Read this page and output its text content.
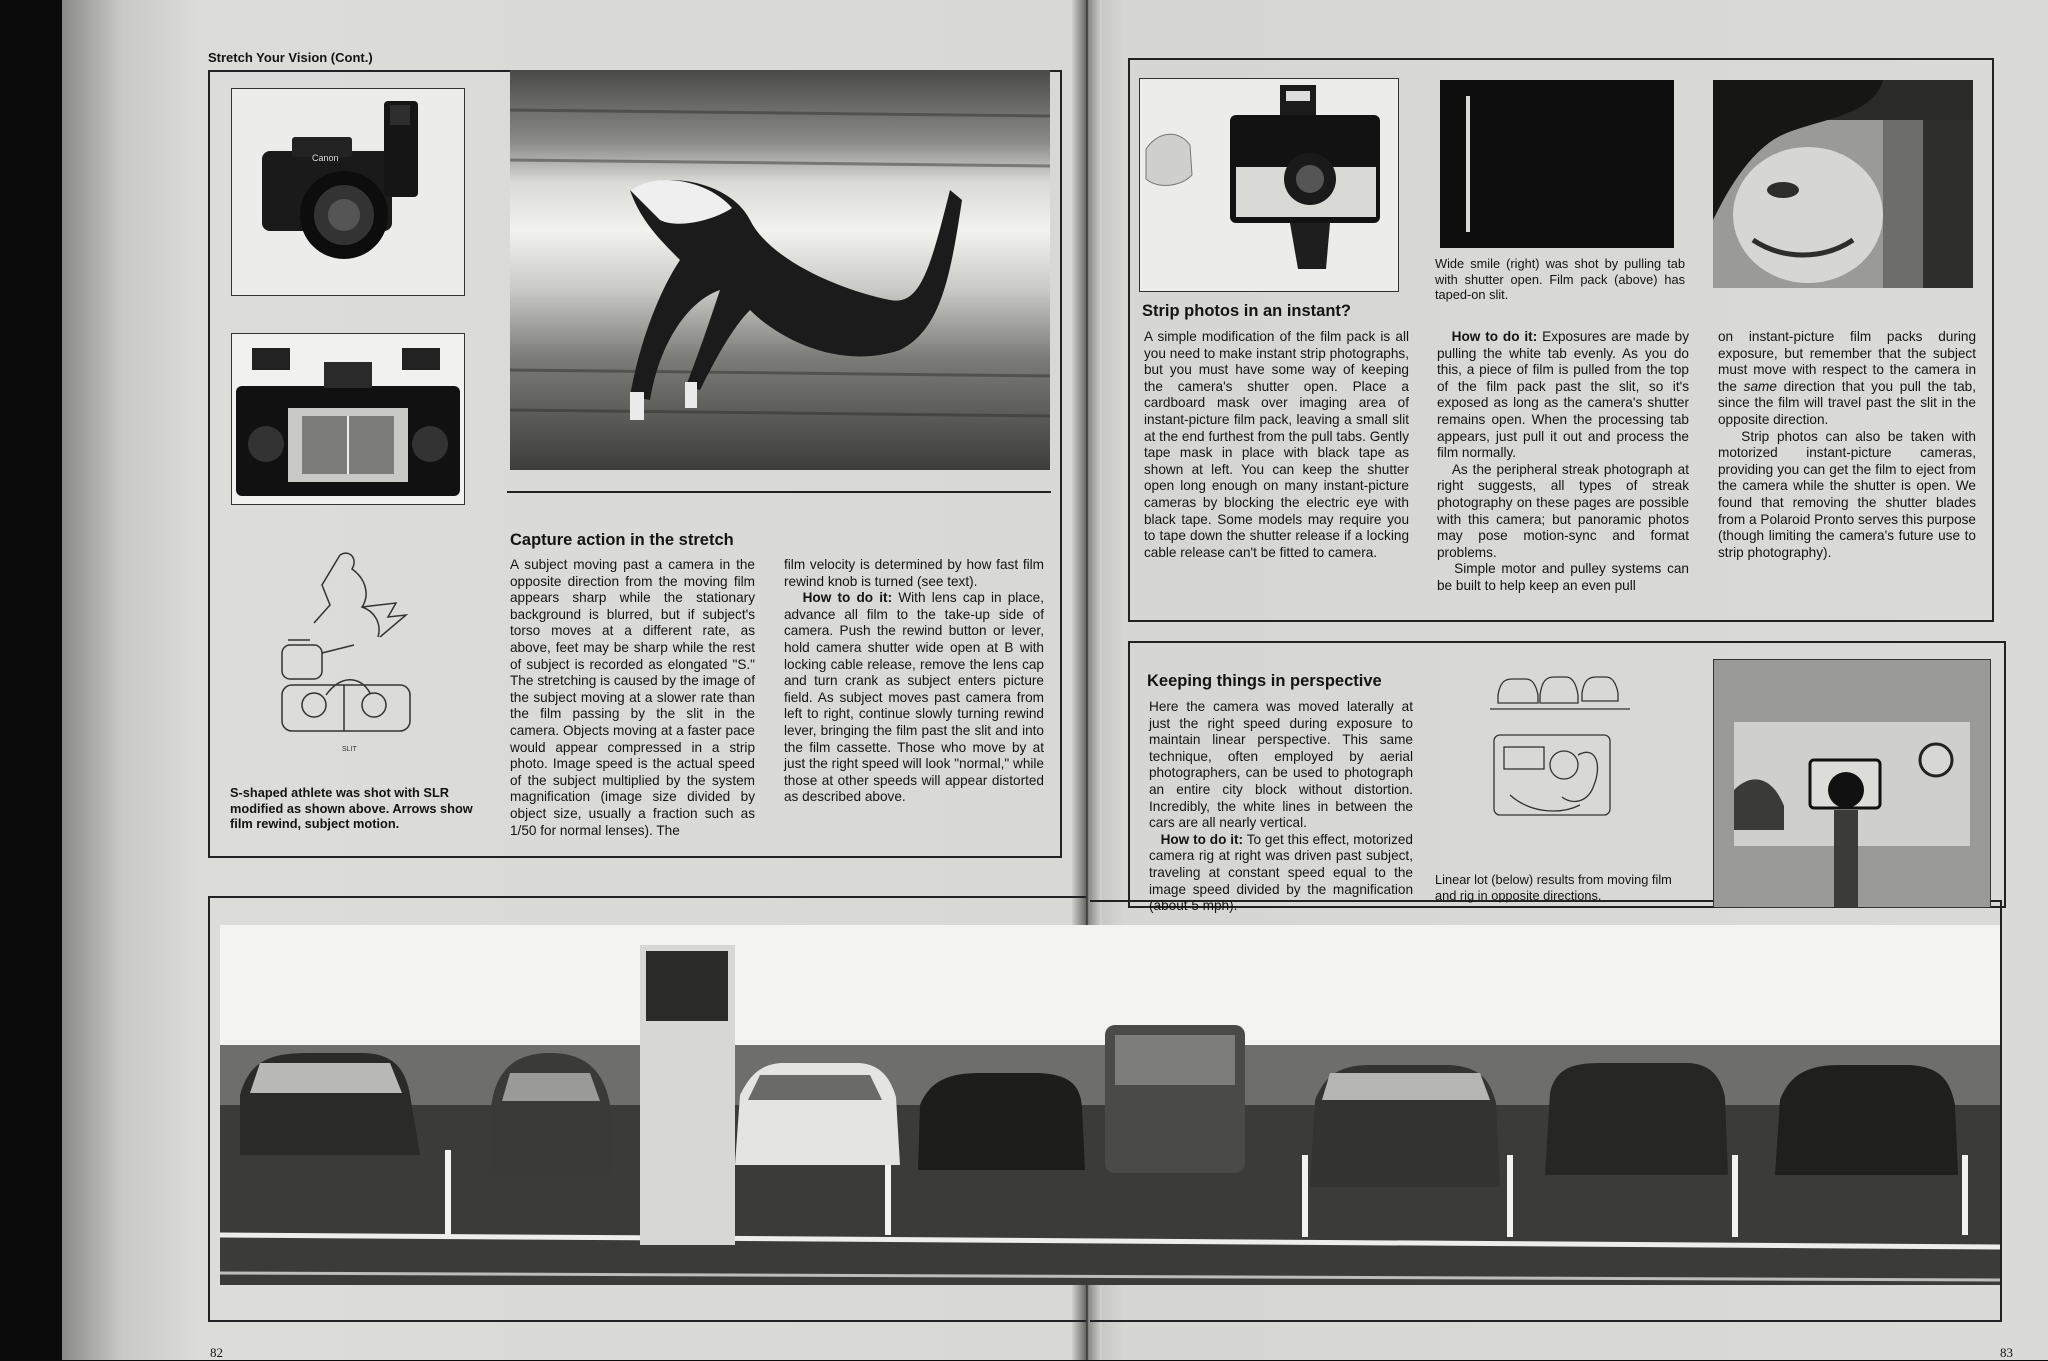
Stretch Your Vision (Cont.)
Canon
SLIT
S-shaped athlete was shot with SLR modified as shown above. Arrows show film rewind, subject motion.
Capture action in the stretch
A subject moving past a camera in the opposite direction from the moving film appears sharp while the stationary background is blurred, but if subject's torso moves at a different rate, as above, feet may be sharp while the rest of subject is recorded as elongated "S." The stretching is caused by the image of the subject moving at a slower rate than the film passing by the slit in the camera. Objects moving at a faster pace would appear compressed in a strip photo. Image speed is the actual speed of the subject multiplied by the system magnification (image size divided by object size, usually a fraction such as 1/50 for normal lenses). The
film velocity is determined by how fast film rewind knob is turned (see text).
How to do it: With lens cap in place, advance all film to the take-up side of camera. Push the rewind button or lever, hold camera shutter wide open at B with locking cable release, remove the lens cap and turn crank as subject enters picture field. As subject moves past camera from left to right, continue slowly turning rewind lever, bringing the film past the slit and into the film cassette. Those who move by at just the right speed will look "normal," while those at other speeds will appear distorted as described above.
82
Wide smile (right) was shot by pulling tab with shutter open. Film pack (above) has taped-on slit.
Strip photos in an instant?
A simple modification of the film pack is all you need to make instant strip photographs, but you must have some way of keeping the camera's shutter open. Place a cardboard mask over imaging area of instant-picture film pack, leaving a small slit at the end furthest from the pull tabs. Gently tape mask in place with black tape as shown at left. You can keep the shutter open long enough on many instant-picture cameras by blocking the electric eye with black tape. Some models may require you to tape down the shutter release if a locking cable release can't be fitted to camera.
How to do it: Exposures are made by pulling the white tab evenly. As you do this, a piece of film is pulled from the top of the film pack past the slit, so it's exposed as long as the camera's shutter remains open. When the processing tab appears, just pull it out and process the film normally.
As the peripheral streak photograph at right suggests, all types of streak photography on these pages are possible with this camera; but panoramic photos may pose motion-sync and format problems.
Simple motor and pulley systems can be built to help keep an even pull
on instant-picture film packs during exposure, but remember that the subject must move with respect to the camera in the same direction that you pull the tab, since the film will travel past the slit in the opposite direction.
Strip photos can also be taken with motorized instant-picture cameras, providing you can get the film to eject from the camera while the shutter is open. We found that removing the shutter blades from a Polaroid Pronto serves this purpose (though limiting the camera's future use to strip photography).
Keeping things in perspective
Here the camera was moved laterally at just the right speed during exposure to maintain linear perspective. This same technique, often employed by aerial photographers, can be used to photograph an entire city block without distortion. Incredibly, the white lines in between the cars are all nearly vertical.
How to do it: To get this effect, motorized camera rig at right was driven past subject, traveling at constant speed equal to the image speed divided by the magnification (about 5 mph).
Linear lot (below) results from moving film and rig in opposite directions.
83
